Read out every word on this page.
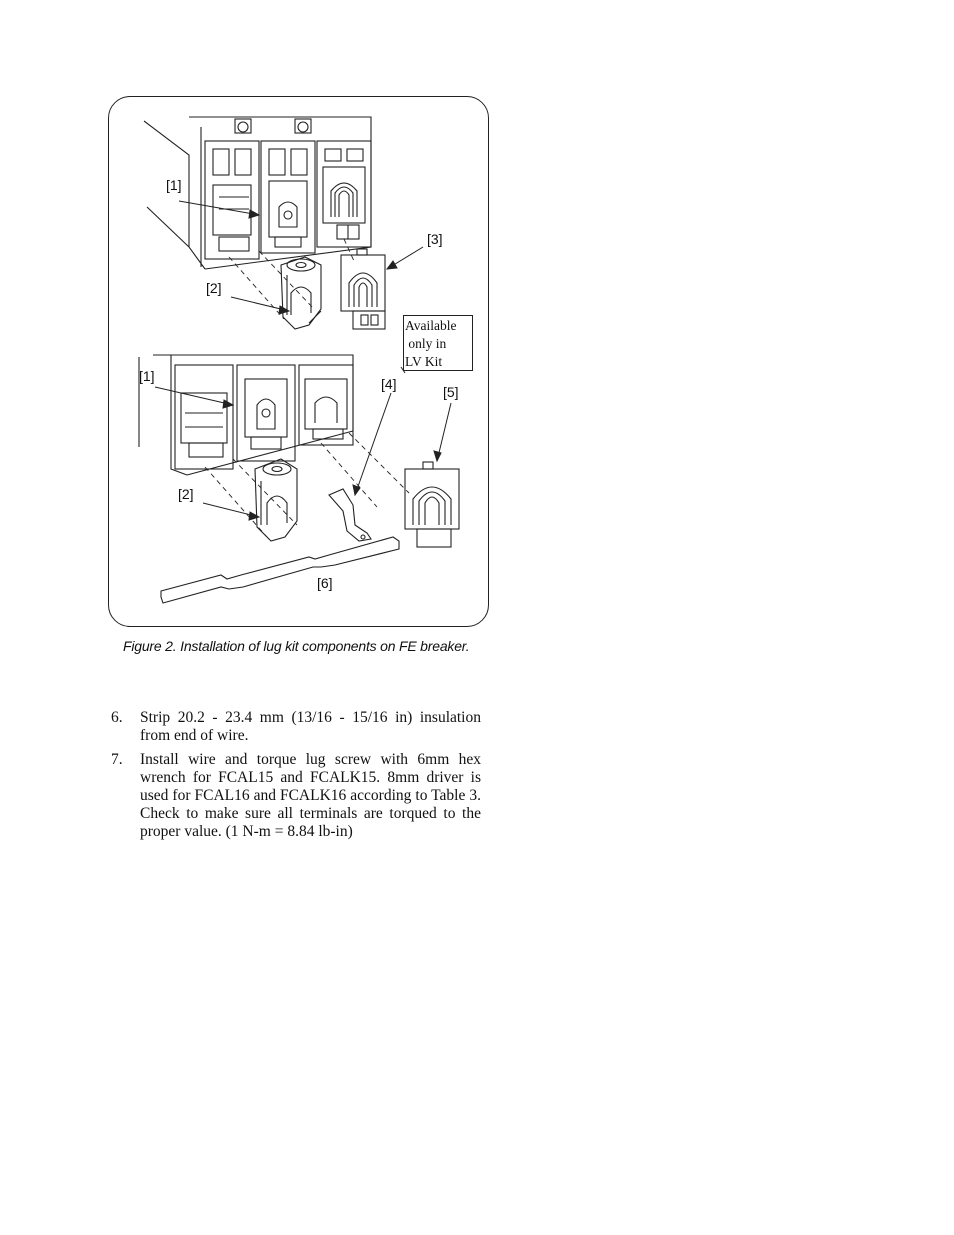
[1]
[2]
[3]
[1]	[4]	[5]
[2]
[6]
Available
only in
LV Kit
Figure 2. Installation of lug kit components on FE breaker.
6.	Strip 20.2 - 23.4 mm (13/16 - 15/16 in) insulation from end of wire.
7.	Install wire and torque lug screw with 6mm hex wrench for FCAL15 and FCALK15. 8mm driver is used for FCAL16 and FCALK16 according to Table 3. Check to make sure all terminals are torqued to the proper value. (1 N-m = 8.84 lb-in)
